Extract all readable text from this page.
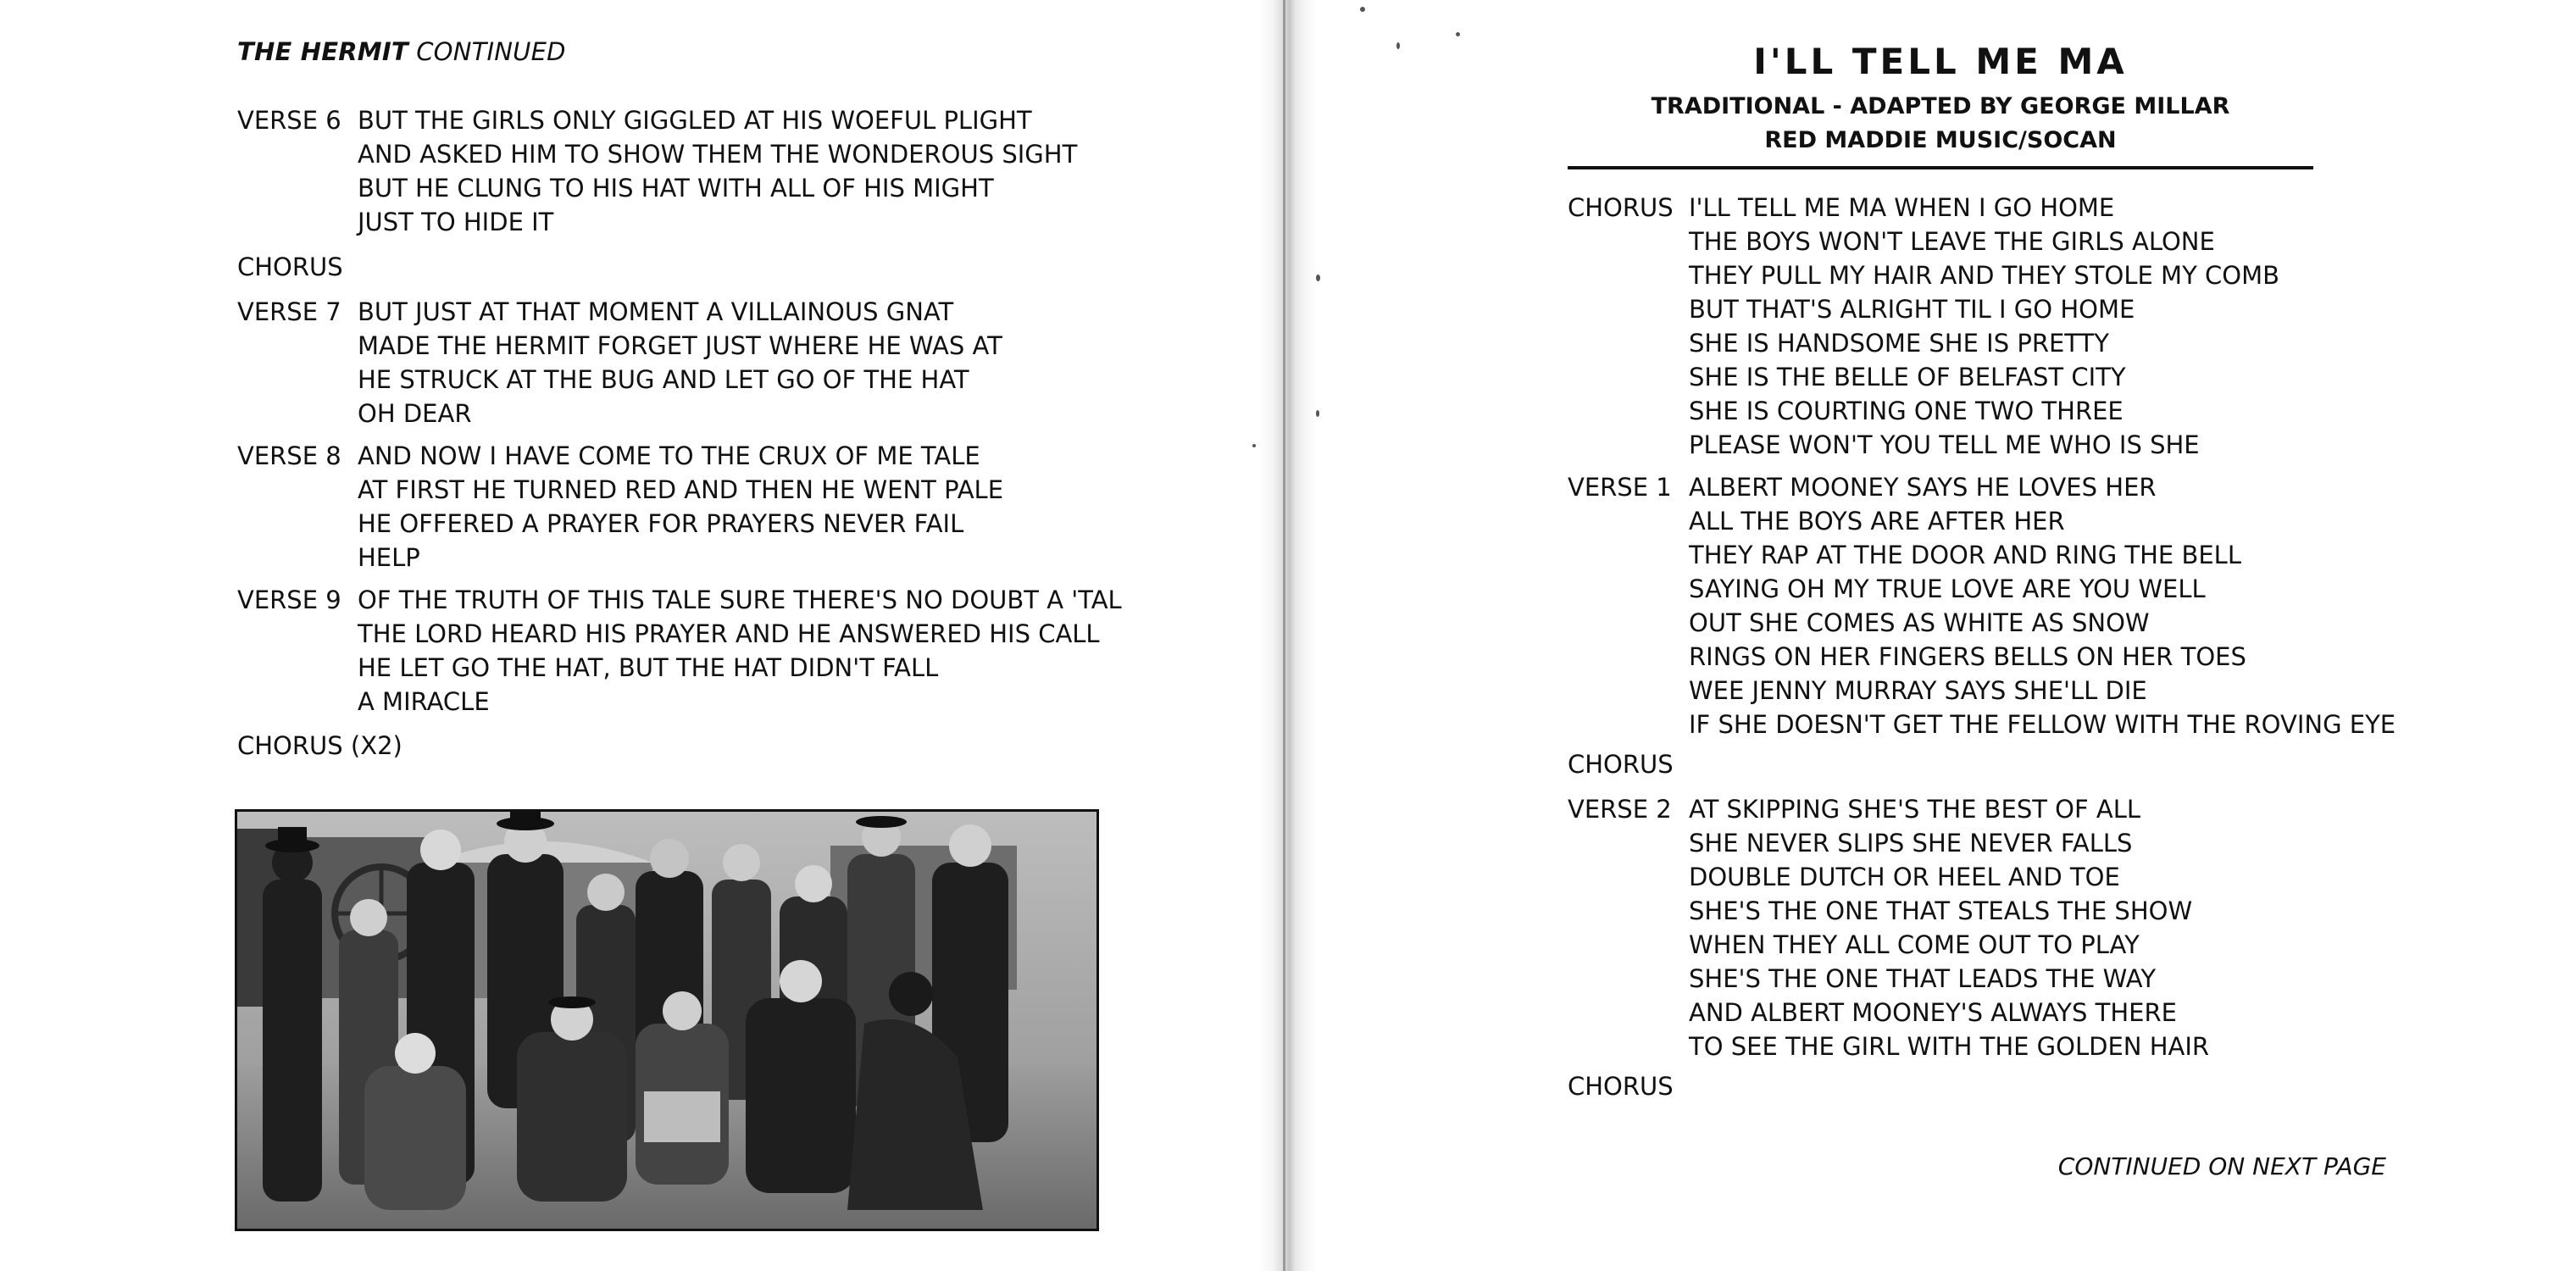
THE HERMIT CONTINUED
VERSE 6 BUT THE GIRLS ONLY GIGGLED AT HIS WOEFUL PLIGHT
AND ASKED HIM TO SHOW THEM THE WONDEROUS SIGHT
BUT HE CLUNG TO HIS HAT WITH ALL OF HIS MIGHT
JUST TO HIDE IT
CHORUS
VERSE 7 BUT JUST AT THAT MOMENT A VILLAINOUS GNAT
MADE THE HERMIT FORGET JUST WHERE HE WAS AT
HE STRUCK AT THE BUG AND LET GO OF THE HAT
OH DEAR
VERSE 8 AND NOW I HAVE COME TO THE CRUX OF ME TALE
AT FIRST HE TURNED RED AND THEN HE WENT PALE
HE OFFERED A PRAYER FOR PRAYERS NEVER FAIL
HELP
VERSE 9 OF THE TRUTH OF THIS TALE SURE THERE'S NO DOUBT A 'TAL
THE LORD HEARD HIS PRAYER AND HE ANSWERED HIS CALL
HE LET GO THE HAT, BUT THE HAT DIDN'T FALL
A MIRACLE
CHORUS (X2)
I'LL TELL ME MA
TRADITIONAL - ADAPTED BY GEORGE MILLAR
RED MADDIE MUSIC/SOCAN
CHORUS I'LL TELL ME MA WHEN I GO HOME
THE BOYS WON'T LEAVE THE GIRLS ALONE
THEY PULL MY HAIR AND THEY STOLE MY COMB
BUT THAT'S ALRIGHT TIL I GO HOME
SHE IS HANDSOME SHE IS PRETTY
SHE IS THE BELLE OF BELFAST CITY
SHE IS COURTING ONE TWO THREE
PLEASE WON'T YOU TELL ME WHO IS SHE
VERSE 1 ALBERT MOONEY SAYS HE LOVES HER
ALL THE BOYS ARE AFTER HER
THEY RAP AT THE DOOR AND RING THE BELL
SAYING OH MY TRUE LOVE ARE YOU WELL
OUT SHE COMES AS WHITE AS SNOW
RINGS ON HER FINGERS BELLS ON HER TOES
WEE JENNY MURRAY SAYS SHE'LL DIE
IF SHE DOESN'T GET THE FELLOW WITH THE ROVING EYE
CHORUS
VERSE 2 AT SKIPPING SHE'S THE BEST OF ALL
SHE NEVER SLIPS SHE NEVER FALLS
DOUBLE DUTCH OR HEEL AND TOE
SHE'S THE ONE THAT STEALS THE SHOW
WHEN THEY ALL COME OUT TO PLAY
SHE'S THE ONE THAT LEADS THE WAY
AND ALBERT MOONEY'S ALWAYS THERE
TO SEE THE GIRL WITH THE GOLDEN HAIR
CHORUS
CONTINUED ON NEXT PAGE
